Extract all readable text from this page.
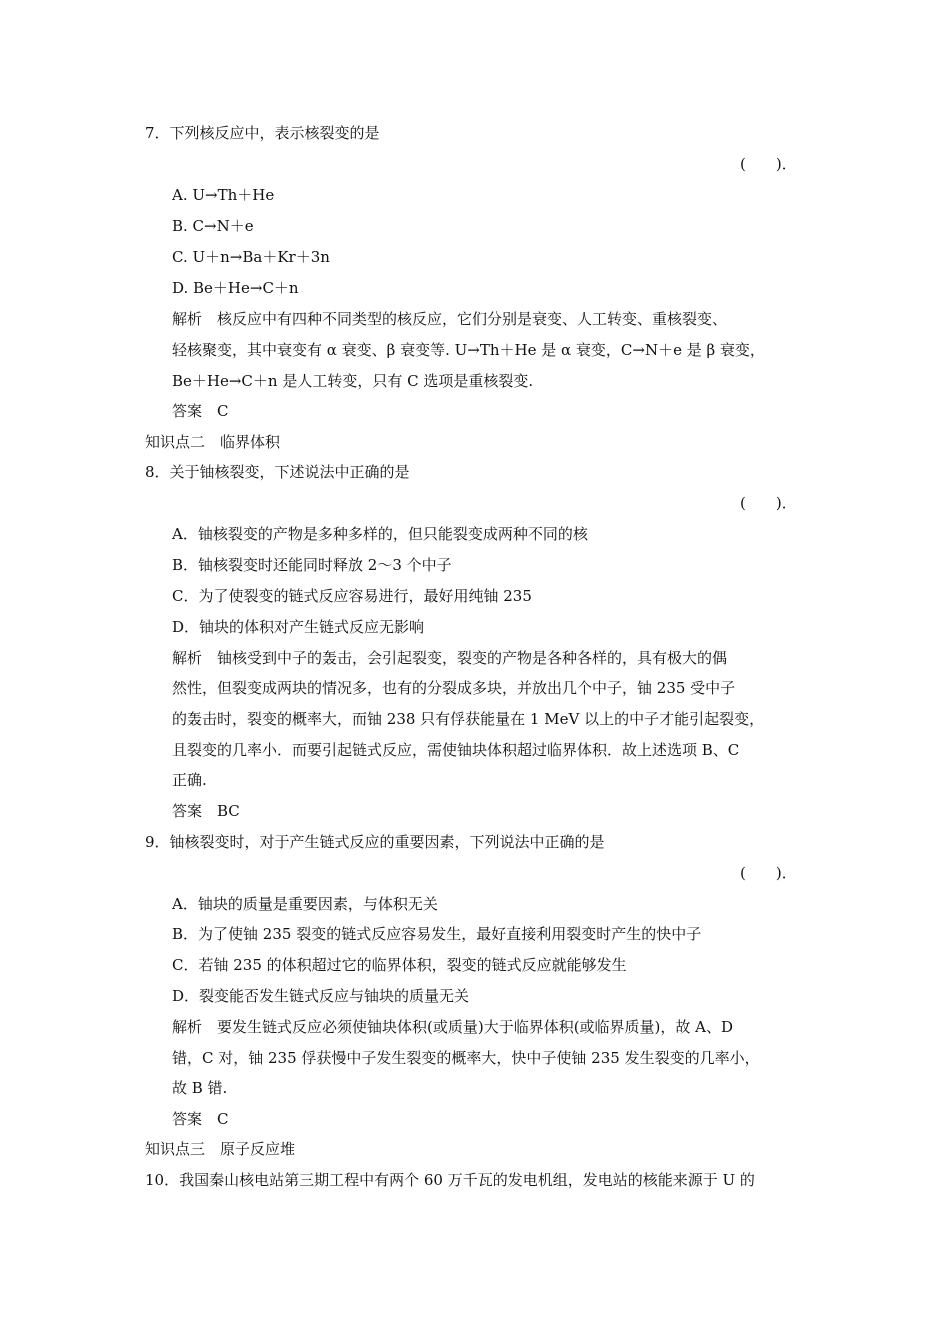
7．下列核反应中，表示核裂变的是
(　　)．
A. U→Th＋He
B. C→N＋e
C. U＋n→Ba＋Kr＋3n
D. Be＋He→C＋n
解析　核反应中有四种不同类型的核反应，它们分别是衰变、人工转变、重核裂变、
轻核聚变，其中衰变有 α 衰变、β 衰变等. U→Th＋He 是 α 衰变，C→N＋e 是 β 衰变，
Be＋He→C＋n 是人工转变，只有 C 选项是重核裂变.
答案　C
知识点二　临界体积
8．关于铀核裂变，下述说法中正确的是
(　　)．
A．铀核裂变的产物是多种多样的，但只能裂变成两种不同的核
B．铀核裂变时还能同时释放 2～3 个中子
C．为了使裂变的链式反应容易进行，最好用纯铀 235
D．铀块的体积对产生链式反应无影响
解析　铀核受到中子的轰击，会引起裂变，裂变的产物是各种各样的，具有极大的偶
然性，但裂变成两块的情况多，也有的分裂成多块，并放出几个中子，铀 235 受中子
的轰击时，裂变的概率大，而铀 238 只有俘获能量在 1 MeV 以上的中子才能引起裂变，
且裂变的几率小．而要引起链式反应，需使铀块体积超过临界体积．故上述选项 B、C
正确.
答案　BC
9．铀核裂变时，对于产生链式反应的重要因素，下列说法中正确的是
(　　)．
A．铀块的质量是重要因素，与体积无关
B．为了使铀 235 裂变的链式反应容易发生，最好直接利用裂变时产生的快中子
C．若铀 235 的体积超过它的临界体积，裂变的链式反应就能够发生
D．裂变能否发生链式反应与铀块的质量无关
解析　要发生链式反应必须使铀块体积(或质量)大于临界体积(或临界质量)，故 A、D
错，C 对，铀 235 俘获慢中子发生裂变的概率大，快中子使铀 235 发生裂变的几率小，
故 B 错.
答案　C
知识点三　原子反应堆
10．我国秦山核电站第三期工程中有两个 60 万千瓦的发电机组，发电站的核能来源于 U 的
